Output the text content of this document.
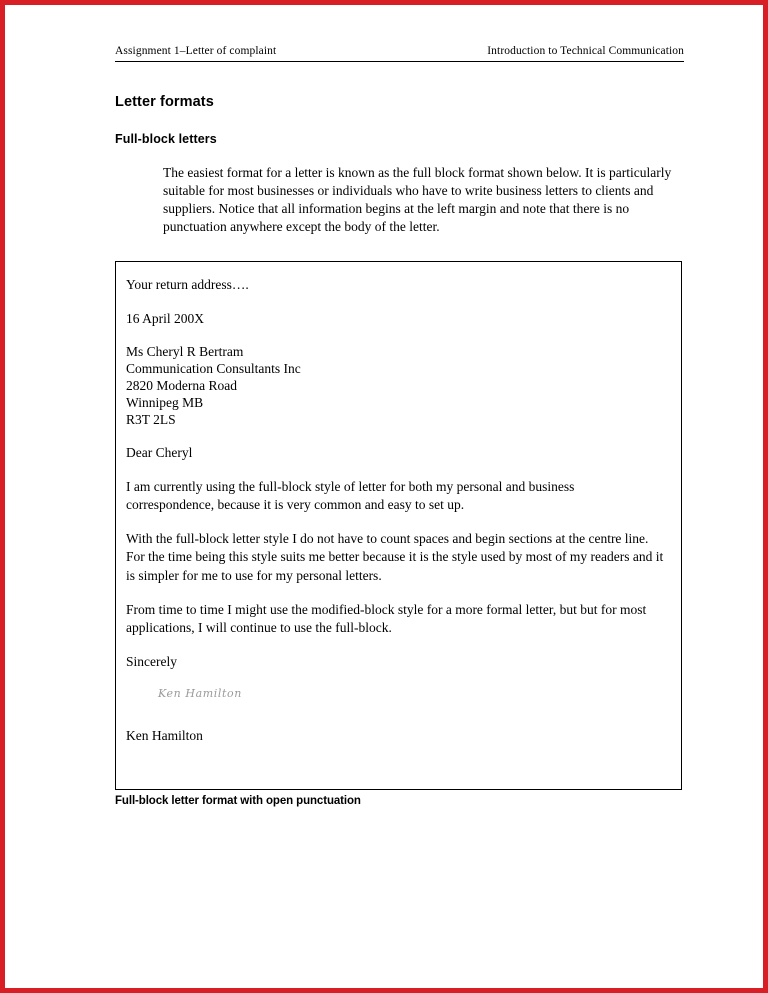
Assignment 1–Letter of complaint	Introduction to Technical Communication
Letter formats
Full-block letters

The easiest format for a letter is known as the full block format shown below. It is particularly suitable for most businesses or individuals who have to write business letters to clients and suppliers. Notice that all information begins at the left margin and note that there is no punctuation anywhere except the body of the letter.

Your return address….

16 April 200X

Ms Cheryl R Bertram
Communication Consultants Inc
2820 Moderna Road
Winnipeg MB
R3T 2LS

Dear Cheryl

I am currently using the full-block style of letter for both my personal and business correspondence, because it is very common and easy to set up.

With the full-block letter style I do not have to count spaces and begin sections at the centre line. For the time being this style suits me better because it is the style used by most of my readers and it is simpler for me to use for my personal letters.

From time to time I might use the modified-block style for a more formal letter, but but for most applications, I will continue to use the full-block.

Sincerely

Ken Hamilton

Ken Hamilton

Full-block letter format with open punctuation
